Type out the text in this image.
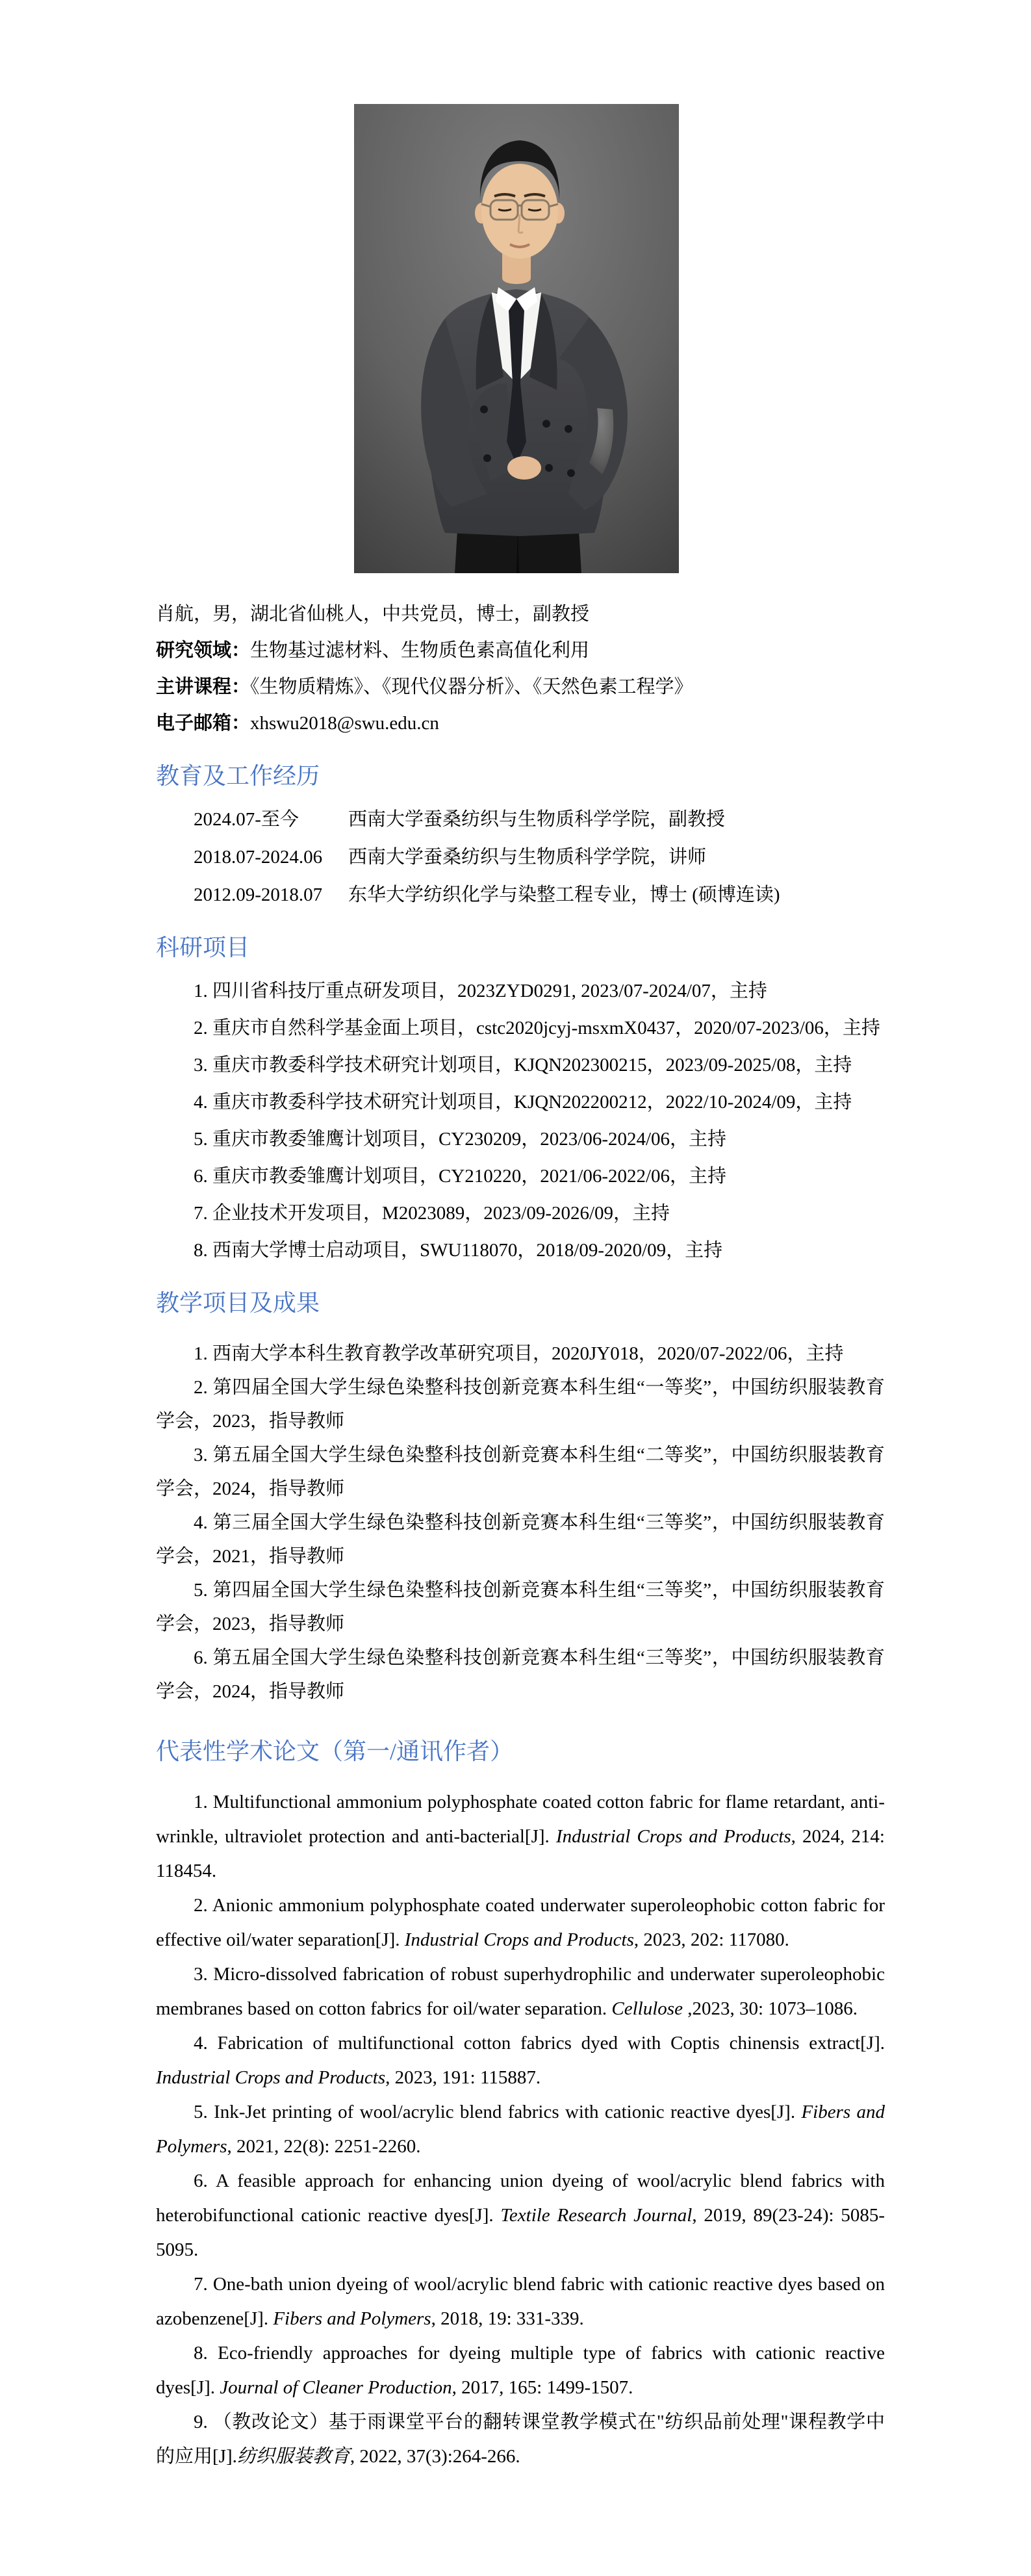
肖航，男，湖北省仙桃人，中共党员，博士，副教授

研究领域：生物基过滤材料、生物质色素高值化利用

主讲课程：《生物质精炼》、《现代仪器分析》、《天然色素工程学》

电子邮箱：xhswu2018@swu.edu.cn

教育及工作经历
2024.07-至今	西南大学蚕桑纺织与生物质科学学院，副教授
2018.07-2024.06 西南大学蚕桑纺织与生物质科学学院，讲师
2012.09-2018.07 东华大学纺织化学与染整工程专业，博士 (硕博连读)
科研项目

1. 四川省科技厅重点研发项目，2023ZYD0291, 2023/07-2024/07，主持

2. 重庆市自然科学基金面上项目，cstc2020jcyj-msxmX0437，2020/07-2023/06，主持

3. 重庆市教委科学技术研究计划项目，KJQN202300215，2023/09-2025/08，主持

4. 重庆市教委科学技术研究计划项目，KJQN202200212，2022/10-2024/09，主持

5. 重庆市教委雏鹰计划项目，CY230209，2023/06-2024/06，主持

6. 重庆市教委雏鹰计划项目，CY210220，2021/06-2022/06，主持

7. 企业技术开发项目，M2023089，2023/09-2026/09，主持

8. 西南大学博士启动项目，SWU118070，2018/09-2020/09，主持

教学项目及成果

1. 西南大学本科生教育教学改革研究项目，2020JY018，2020/07-2022/06，主持

2. 第四届全国大学生绿色染整科技创新竞赛本科生组“一等奖”，中国纺织服装教育学会，2023，指导教师

3. 第五届全国大学生绿色染整科技创新竞赛本科生组“二等奖”，中国纺织服装教育学会，2024，指导教师

4. 第三届全国大学生绿色染整科技创新竞赛本科生组“三等奖”，中国纺织服装教育学会，2021，指导教师

5. 第四届全国大学生绿色染整科技创新竞赛本科生组“三等奖”，中国纺织服装教育学会，2023，指导教师

6. 第五届全国大学生绿色染整科技创新竞赛本科生组“三等奖”，中国纺织服装教育学会，2024，指导教师

代表性学术论文（第一/通讯作者）

1. Multifunctional ammonium polyphosphate coated cotton fabric for flame retardant, anti-wrinkle, ultraviolet protection and anti-bacterial[J]. Industrial Crops and Products, 2024, 214: 118454.

2. Anionic ammonium polyphosphate coated underwater superoleophobic cotton fabric for effective oil/water separation[J]. Industrial Crops and Products, 2023, 202: 117080.

3. Micro-dissolved fabrication of robust superhydrophilic and underwater superoleophobic membranes based on cotton fabrics for oil/water separation. Cellulose ,2023, 30: 1073–1086.

4. Fabrication of multifunctional cotton fabrics dyed with Coptis chinensis extract[J]. Industrial Crops and Products, 2023, 191: 115887.

5. Ink-Jet printing of wool/acrylic blend fabrics with cationic reactive dyes[J]. Fibers and Polymers, 2021, 22(8): 2251-2260.

6. A feasible approach for enhancing union dyeing of wool/acrylic blend fabrics with heterobifunctional cationic reactive dyes[J]. Textile Research Journal, 2019, 89(23-24): 5085-5095.

7. One-bath union dyeing of wool/acrylic blend fabric with cationic reactive dyes based on azobenzene[J]. Fibers and Polymers, 2018, 19: 331-339.

8. Eco-friendly approaches for dyeing multiple type of fabrics with cationic reactive dyes[J]. Journal of Cleaner Production, 2017, 165: 1499-1507.

9. （教改论文）基于雨课堂平台的翻转课堂教学模式在"纺织品前处理"课程教学中的应用[J].纺织服装教育, 2022, 37(3):264-266.
